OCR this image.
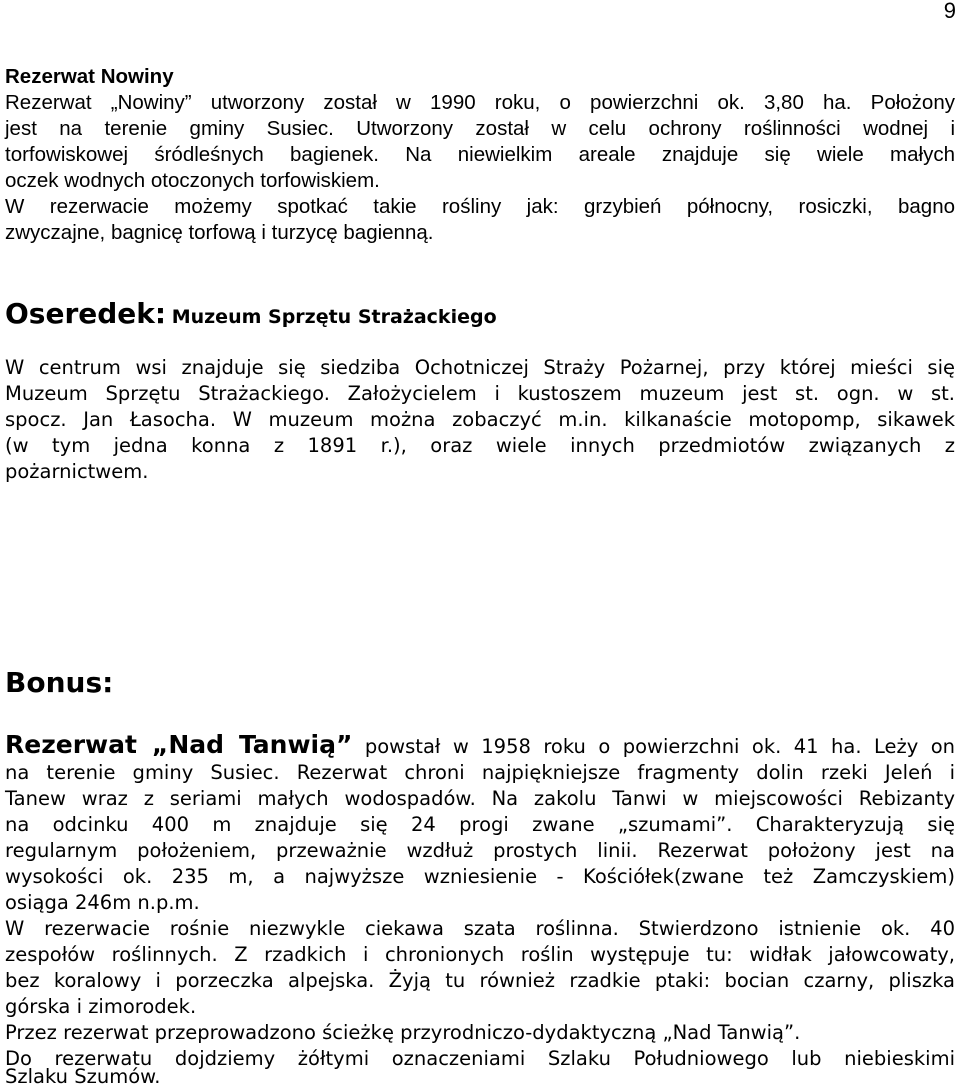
9
Rezerwat Nowiny
Rezerwat „Nowiny” utworzony został w 1990 roku, o powierzchni ok. 3,80 ha. Położony
jest na terenie gminy Susiec. Utworzony został w celu ochrony roślinności wodnej i
torfowiskowej śródleśnych bagienek. Na niewielkim areale znajduje się wiele małych
oczek wodnych otoczonych torfowiskiem.
W rezerwacie możemy spotkać takie rośliny jak: grzybień północny, rosiczki, bagno
zwyczajne, bagnicę torfową i turzycę bagienną.
Oseredek: Muzeum Sprzętu Strażackiego
W centrum wsi znajduje się siedziba Ochotniczej Straży Pożarnej, przy której mieści się
Muzeum Sprzętu Strażackiego. Założycielem i kustoszem muzeum jest st. ogn. w st.
spocz. Jan Łasocha. W muzeum można zobaczyć m.in. kilkanaście motopomp, sikawek
(w tym jedna konna z 1891 r.), oraz wiele innych przedmiotów związanych z
pożarnictwem.
Bonus:
Rezerwat „Nad Tanwią” powstał w 1958 roku o powierzchni ok. 41 ha. Leży on
na terenie gminy Susiec. Rezerwat chroni najpiękniejsze fragmenty dolin rzeki Jeleń i
Tanew wraz z seriami małych wodospadów. Na zakolu Tanwi w miejscowości Rebizanty
na odcinku 400 m znajduje się 24 progi zwane „szumami”. Charakteryzują się
regularnym położeniem, przeważnie wzdłuż prostych linii. Rezerwat położony jest na
wysokości ok. 235 m, a najwyższe wzniesienie - Kościółek(zwane też Zamczyskiem)
osiąga 246m n.p.m.
W rezerwacie rośnie niezwykle ciekawa szata roślinna. Stwierdzono istnienie ok. 40
zespołów roślinnych. Z rzadkich i chronionych roślin występuje tu: widłak jałowcowaty,
bez koralowy i porzeczka alpejska. Żyją tu również rzadkie ptaki: bocian czarny, pliszka
górska i zimorodek.
Przez rezerwat przeprowadzono ścieżkę przyrodniczo-dydaktyczną „Nad Tanwią”.
Do rezerwatu dojdziemy żółtymi oznaczeniami Szlaku Południowego lub niebieskimi
Szlaku Szumów.
